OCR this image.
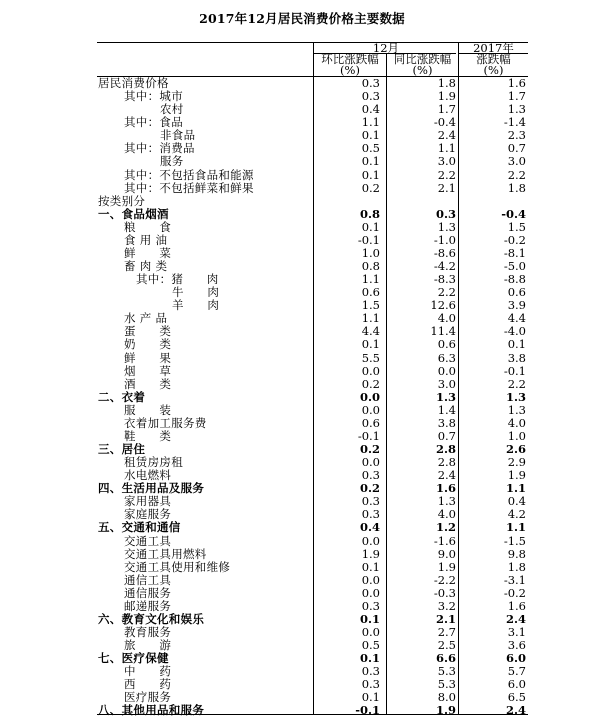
2017年12月居民消费价格主要数据
12月	2017年
环比涨跌幅
(%)
同比涨跌幅
(%)
涨跌幅
(%)
居民消费价格	0.3	1.8	1.6
其中：城市	0.3	1.9	1.7
农村	0.4	1.7	1.3
其中：食品	1.1	-0.4	-1.4
非食品	0.1	2.4	2.3
其中：消费品	0.5	1.1	0.7
服务	0.1	3.0	3.0
其中：不包括食品和能源	0.1	2.2	2.2
其中：不包括鲜菜和鲜果	0.2	2.1	1.8
按类别分
一、食品烟酒	0.8	0.3	-0.4
粮　　食	0.1	1.3	1.5
食 用 油	-0.1	-1.0	-0.2
鲜　　菜	1.0	-8.6	-8.1
畜 肉 类	0.8	-4.2	-5.0
其中：猪　　肉	1.1	-8.3	-8.8
牛　　肉	0.6	2.2	0.6
羊　　肉	1.5	12.6	3.9
水 产 品	1.1	4.0	4.4
蛋　　类	4.4	11.4	-4.0
奶　　类	0.1	0.6	0.1
鲜　　果	5.5	6.3	3.8
烟　　草	0.0	0.0	-0.1
酒　　类	0.2	3.0	2.2
二、衣着	0.0	1.3	1.3
服　　装	0.0	1.4	1.3
衣着加工服务费	0.6	3.8	4.0
鞋　　类	-0.1	0.7	1.0
三、居住	0.2	2.8	2.6
租赁房房租	0.0	2.8	2.9
水电燃料	0.3	2.4	1.9
四、生活用品及服务	0.2	1.6	1.1
家用器具	0.3	1.3	0.4
家庭服务	0.3	4.0	4.2
五、交通和通信	0.4	1.2	1.1
交通工具	0.0	-1.6	-1.5
交通工具用燃料	1.9	9.0	9.8
交通工具使用和维修	0.1	1.9	1.8
通信工具	0.0	-2.2	-3.1
通信服务	0.0	-0.3	-0.2
邮递服务	0.3	3.2	1.6
六、教育文化和娱乐	0.1	2.1	2.4
教育服务	0.0	2.7	3.1
旅　　游	0.5	2.5	3.6
七、医疗保健	0.1	6.6	6.0
中　　药	0.3	5.3	5.7
西　　药	0.3	5.3	6.0
医疗服务	0.1	8.0	6.5
八、其他用品和服务	-0.1	1.9	2.4
